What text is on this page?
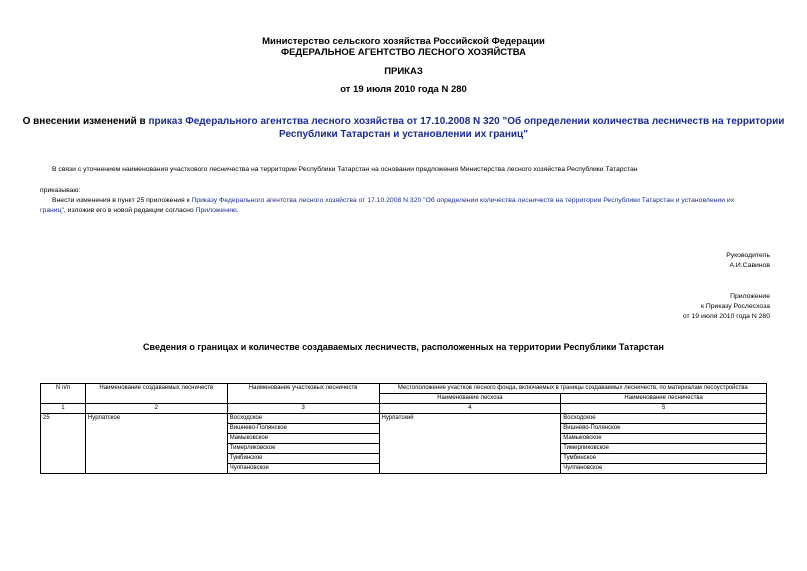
Министерство сельского хозяйства Российской Федерации
ФЕДЕРАЛЬНОЕ АГЕНТСТВО ЛЕСНОГО ХОЗЯЙСТВА
ПРИКАЗ
от 19 июля 2010 года N 280
О внесении изменений в приказ Федерального агентства лесного хозяйства от 17.10.2008 N 320 "Об определении количества лесничеств на территории
Республики Татарстан и установлении их границ"
В связи с уточнением наименования участкового лесничества на территории Республики Татарстан на основании предложения Министерства лесного хозяйства Республики Татарстан
приказываю:
Внести изменения в пункт 25 приложения к Приказу Федерального агентства лесного хозяйства от 17.10.2008 N 320 "Об определении количества лесничеств на территории Республики Татарстан и установлении их
границ", изложив его в новой редакции согласно Приложению.
Руководитель
А.И.Савинов
Приложение
к Приказу Рослесхоза
от 19 июля 2010 года N 280
Сведения о границах и количестве создаваемых лесничеств, расположенных на территории Республики Татарстан
N п/п	Наименование создаваемых лесничеств	Наименование участковых лесничеств	Местоположение участков лесного фонда, включаемых в границы создаваемых лесничеств, по материалам лесоустройства	
			Наименование лесхоза	Наименование лесничества
1	2	3	4	5
25	Нурлатское	Восходское	Нурлатский	Восходское
		Вишнево-Полянское		Вишнево-Полянское
		Мамыковское		Мамыковское
		Тимерликовское		Тимерликовское
		Тумбинское		Тумбинское
		Чулпановское		Чулпановское
